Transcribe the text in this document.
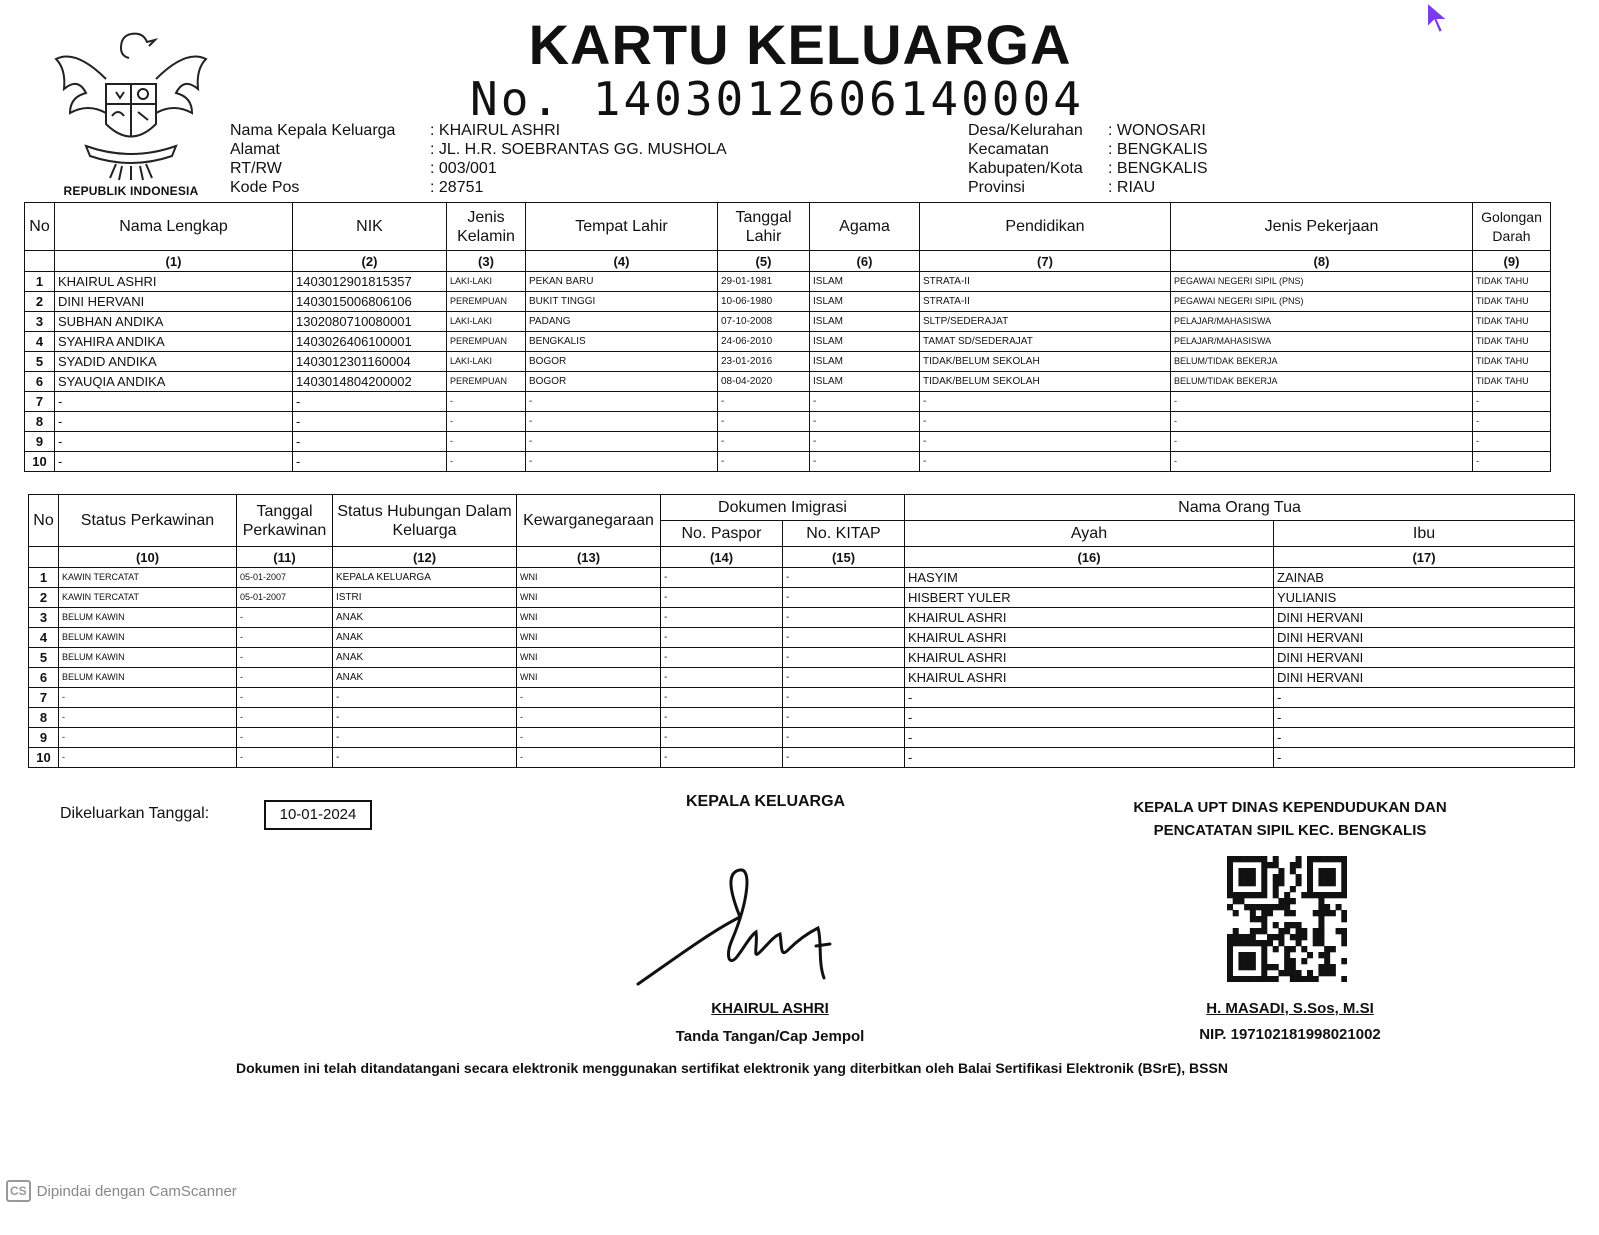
REPUBLIK INDONESIA
KARTU KELUARGA
No. 1403012606140004
Nama Kepala Keluarga	: KHAIRUL ASHRI
Alamat	: JL. H.R. SOEBRANTAS GG. MUSHOLA
RT/RW	: 003/001
Kode Pos	: 28751
Desa/Kelurahan	: WONOSARI
Kecamatan	: BENGKALIS
Kabupaten/Kota	: BENGKALIS
Provinsi	: RIAU
No	Nama Lengkap	NIK	Jenis Kelamin	Tempat Lahir	Tanggal Lahir	Agama	Pendidikan	Jenis Pekerjaan	Golongan Darah
	(1)	(2)	(3)	(4)	(5)	(6)	(7)	(8)	(9)
1	KHAIRUL ASHRI	1403012901815357	LAKI-LAKI	PEKAN BARU	29-01-1981	ISLAM	STRATA-II	PEGAWAI NEGERI SIPIL (PNS)	TIDAK TAHU
2	DINI HERVANI	1403015006806106	PEREMPUAN	BUKIT TINGGI	10-06-1980	ISLAM	STRATA-II	PEGAWAI NEGERI SIPIL (PNS)	TIDAK TAHU
3	SUBHAN ANDIKA	1302080710080001	LAKI-LAKI	PADANG	07-10-2008	ISLAM	SLTP/SEDERAJAT	PELAJAR/MAHASISWA	TIDAK TAHU
4	SYAHIRA ANDIKA	1403026406100001	PEREMPUAN	BENGKALIS	24-06-2010	ISLAM	TAMAT SD/SEDERAJAT	PELAJAR/MAHASISWA	TIDAK TAHU
5	SYADID ANDIKA	1403012301160004	LAKI-LAKI	BOGOR	23-01-2016	ISLAM	TIDAK/BELUM SEKOLAH	BELUM/TIDAK BEKERJA	TIDAK TAHU
6	SYAUQIA ANDIKA	1403014804200002	PEREMPUAN	BOGOR	08-04-2020	ISLAM	TIDAK/BELUM SEKOLAH	BELUM/TIDAK BEKERJA	TIDAK TAHU
7	-	-	-	-	-	-	-	-	-
8	-	-	-	-	-	-	-	-	-
9	-	-	-	-	-	-	-	-	-
10	-	-	-	-	-	-	-	-	-
No	Status Perkawinan	Tanggal Perkawinan	Status Hubungan Dalam Keluarga	Kewarganegaraan	Dokumen Imigrasi		Nama Orang Tua	
					No. Paspor	No. KITAP	Ayah	Ibu
	(10)	(11)	(12)	(13)	(14)	(15)	(16)	(17)
1	KAWIN TERCATAT	05-01-2007	KEPALA KELUARGA	WNI	-	-	HASYIM	ZAINAB
2	KAWIN TERCATAT	05-01-2007	ISTRI	WNI	-	-	HISBERT YULER	YULIANIS
3	BELUM KAWIN	-	ANAK	WNI	-	-	KHAIRUL ASHRI	DINI HERVANI
4	BELUM KAWIN	-	ANAK	WNI	-	-	KHAIRUL ASHRI	DINI HERVANI
5	BELUM KAWIN	-	ANAK	WNI	-	-	KHAIRUL ASHRI	DINI HERVANI
6	BELUM KAWIN	-	ANAK	WNI	-	-	KHAIRUL ASHRI	DINI HERVANI
7	-	-	-	-	-	-	-	-
8	-	-	-	-	-	-	-	-
9	-	-	-	-	-	-	-	-
10	-	-	-	-	-	-	-	-
Dikeluarkan Tanggal:	10-01-2024
KEPALA KELUARGA
KHAIRUL ASHRI
Tanda Tangan/Cap Jempol
KEPALA UPT DINAS KEPENDUDUKAN DAN
PENCATATAN SIPIL KEC. BENGKALIS
H. MASADI, S.Sos, M.SI
NIP. 197102181998021002
Dokumen ini telah ditandatangani secara elektronik menggunakan sertifikat elektronik yang diterbitkan oleh Balai Sertifikasi Elektronik (BSrE), BSSN
CS Dipindai dengan CamScanner
